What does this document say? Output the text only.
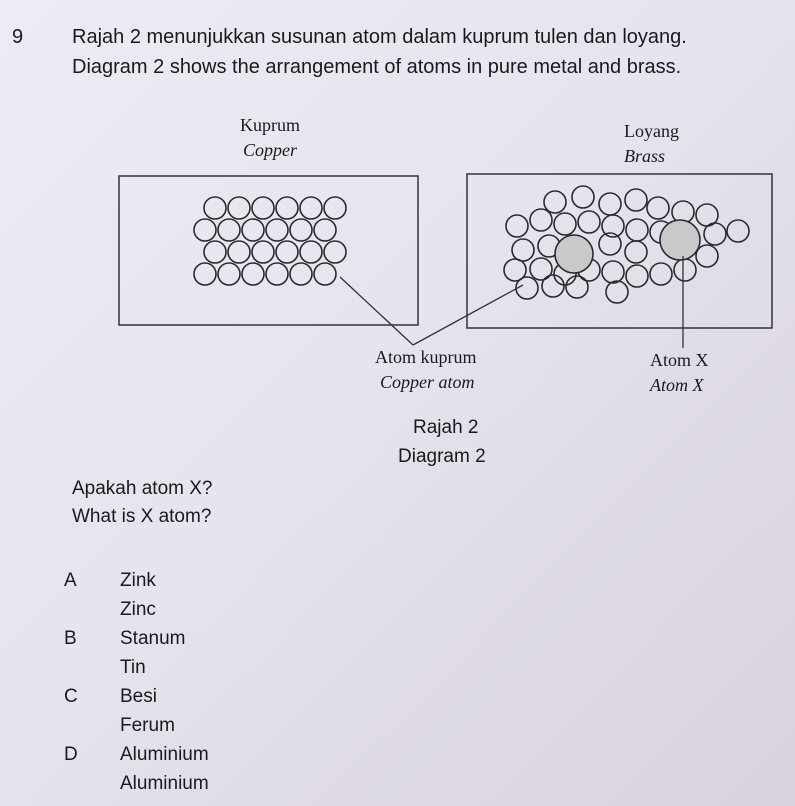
9 Rajah 2 menunjukkan susunan atom dalam kuprum tulen dan loyang.
Diagram 2 shows the arrangement of atoms in pure metal and brass.
Kuprum
Copper
Loyang
Brass
Atom kuprum
Copper atom
Atom X
Atom X
Rajah 2
Diagram 2
Apakah atom X?
What is X atom?
A Zink
Zinc
B Stanum
Tin
C Besi
Ferum
D Aluminium
Aluminium
